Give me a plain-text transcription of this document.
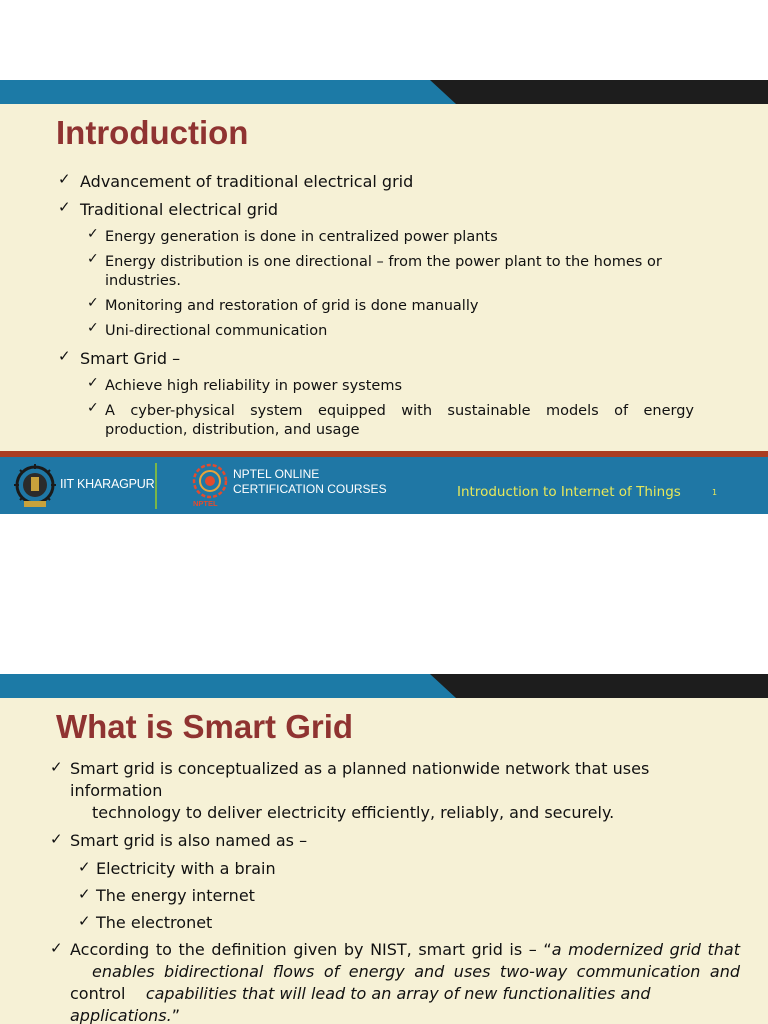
Introduction
✓ Advancement of traditional electrical grid
✓ Traditional electrical grid
✓ Energy generation is done in centralized power plants
✓ Energy distribution is one directional – from the power plant to the homes or industries.
✓ Monitoring and restoration of grid is done manually
✓ Uni-directional communication
✓ Smart Grid –
✓ Achieve high reliability in power systems
✓ A cyber-physical system equipped with sustainable models of energy
production, distribution, and usage
IIT KHARAGPUR
NPTEL
NPTEL ONLINE
CERTIFICATION COURSES	Introduction to Internet of Things	1
What is Smart Grid
✓ Smart grid is conceptualized as a planned nationwide network that uses information
technology to deliver electricity efficiently, reliably, and securely.
✓ Smart grid is also named as –
✓ Electricity with a brain
✓ The energy internet
✓ The electronet
✓ According to the definition given by NIST, smart grid is – “a modernized grid that
enables bidirectional flows of energy and uses two-way communication and
control capabilities that will lead to an array of new functionalities and applications.”
